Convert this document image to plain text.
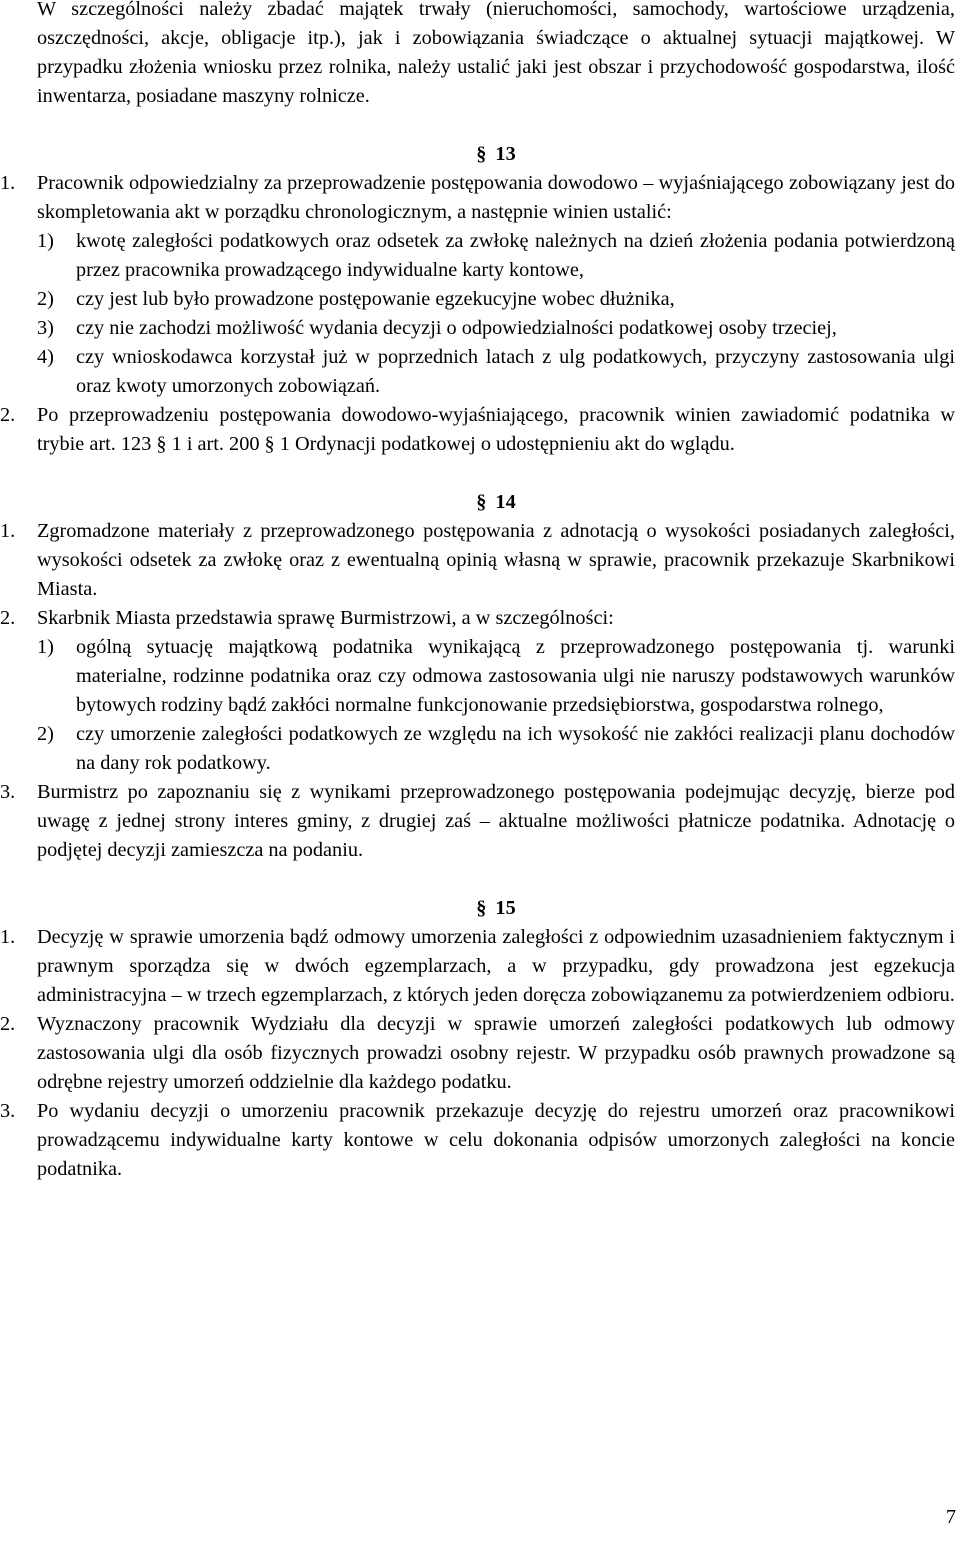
W szczególności należy zbadać majątek trwały (nieruchomości, samochody, wartościowe urządzenia, oszczędności, akcje, obligacje itp.), jak i zobowiązania świadczące o aktualnej sytuacji majątkowej. W przypadku złożenia wniosku przez rolnika, należy ustalić jaki jest obszar i przychodowość gospodarstwa, ilość inwentarza, posiadane maszyny rolnicze.

§ 13
1. Pracownik odpowiedzialny za przeprowadzenie postępowania dowodowo – wyjaśniającego zobowiązany jest do skompletowania akt w porządku chronologicznym, a następnie winien ustalić:
1) kwotę zaległości podatkowych oraz odsetek za zwłokę należnych na dzień złożenia podania potwierdzoną przez pracownika prowadzącego indywidualne karty kontowe,
2) czy jest lub było prowadzone postępowanie egzekucyjne wobec dłużnika,
3) czy nie zachodzi możliwość wydania decyzji o odpowiedzialności podatkowej osoby trzeciej,
4) czy wnioskodawca korzystał już w poprzednich latach z ulg podatkowych, przyczyny zastosowania ulgi oraz kwoty umorzonych zobowiązań.
2. Po przeprowadzeniu postępowania dowodowo-wyjaśniającego, pracownik winien zawiadomić podatnika w trybie art. 123 § 1 i art. 200 § 1 Ordynacji podatkowej o udostępnieniu akt do wglądu.
§ 14
1. Zgromadzone materiały z przeprowadzonego postępowania z adnotacją o wysokości posiadanych zaległości, wysokości odsetek za zwłokę oraz z ewentualną opinią własną w sprawie, pracownik przekazuje Skarbnikowi Miasta.
2. Skarbnik Miasta przedstawia sprawę Burmistrzowi, a w szczególności:
1) ogólną sytuację majątkową podatnika wynikającą z przeprowadzonego postępowania tj. warunki materialne, rodzinne podatnika oraz czy odmowa zastosowania ulgi nie naruszy podstawowych warunków bytowych rodziny bądź zakłóci normalne funkcjonowanie przedsiębiorstwa, gospodarstwa rolnego,
2) czy umorzenie zaległości podatkowych ze względu na ich wysokość nie zakłóci realizacji planu dochodów na dany rok podatkowy.
3. Burmistrz po zapoznaniu się z wynikami przeprowadzonego postępowania podejmując decyzję, bierze pod uwagę z jednej strony interes gminy, z drugiej zaś – aktualne możliwości płatnicze podatnika. Adnotację o podjętej decyzji zamieszcza na podaniu.
§ 15
1. Decyzję w sprawie umorzenia bądź odmowy umorzenia zaległości z odpowiednim uzasadnieniem faktycznym i prawnym sporządza się w dwóch egzemplarzach, a w przypadku, gdy prowadzona jest egzekucja administracyjna – w trzech egzemplarzach, z których jeden doręcza zobowiązanemu za potwierdzeniem odbioru.
2. Wyznaczony pracownik Wydziału dla decyzji w sprawie umorzeń zaległości podatkowych lub odmowy zastosowania ulgi dla osób fizycznych prowadzi osobny rejestr. W przypadku osób prawnych prowadzone są odrębne rejestry umorzeń oddzielnie dla każdego podatku.
3. Po wydaniu decyzji o umorzeniu pracownik przekazuje decyzję do rejestru umorzeń oraz pracownikowi prowadzącemu indywidualne karty kontowe w celu dokonania odpisów umorzonych zaległości na koncie podatnika.
7
